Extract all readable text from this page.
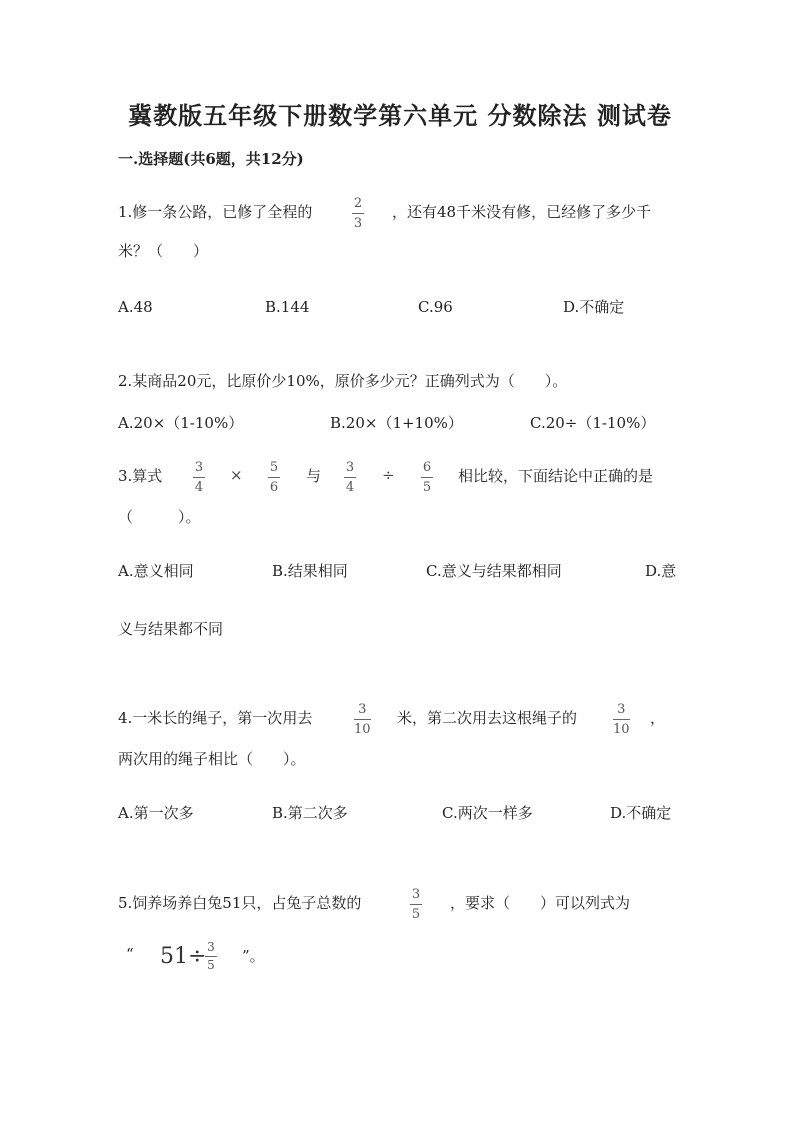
冀教版五年级下册数学第六单元 分数除法 测试卷
一.选择题(共6题，共12分)
1.修一条公路，已修了全程的	2
3
，还有48千米没有修，已经修了多少千
米？（　　）
A.48	B.144	C.96	D.不确定
2.某商品20元，比原价少10%，原价多少元？正确列式为（　　）。
A.20×（1-10%）	B.20×（1+10%）	C.20÷（1-10%）
3.算式	3
4
× 5
6
与 3
4
÷ 6
5
相比较，下面结论中正确的是
（　　　）。
A.意义相同	B.结果相同	C.意义与结果都相同	D.意
义与结果都不同
4.一米长的绳子，第一次用去	3
10
米，第二次用去这根绳子的	3
10
，
两次用的绳子相比（　　）。
A.第一次多	B.第二次多	C.两次一样多	D.不确定
5.饲养场养白兔51只，占兔子总数的	3
5
，要求（　　）可以列式为
“ 51÷ 3
5 ”。
